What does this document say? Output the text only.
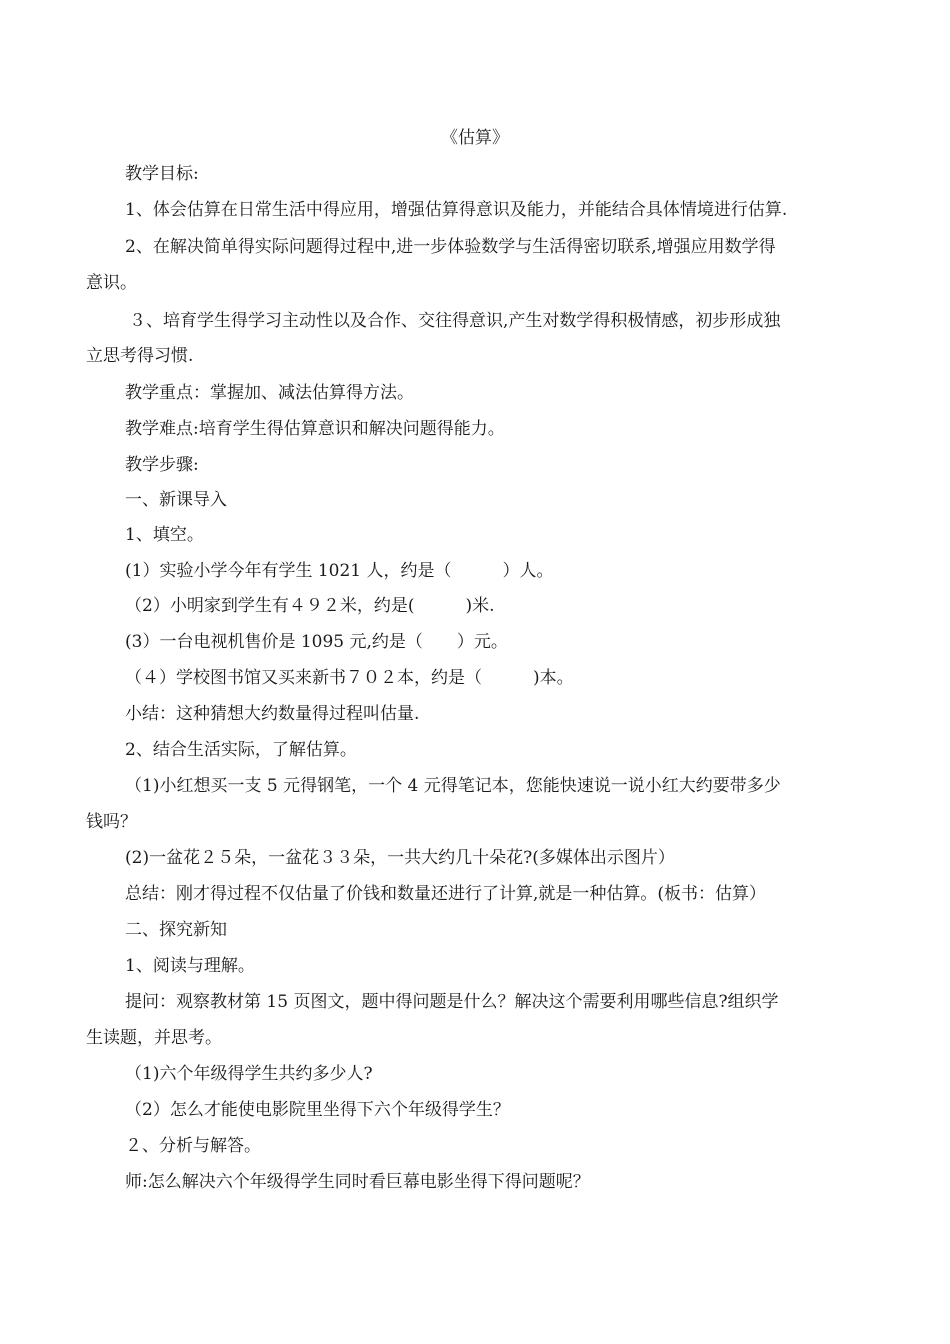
《估算》
教学目标:
1、体会估算在日常生活中得应用，增强估算得意识及能力，并能结合具体情境进行估算.
2、在解决简单得实际问题得过程中,进一步体验数学与生活得密切联系,增强应用数学得
意识。
３、培育学生得学习主动性以及合作、交往得意识,产生对数学得积极情感，初步形成独
立思考得习惯.
教学重点：掌握加、减法估算得方法。
教学难点:培育学生得估算意识和解决问题得能力。
教学步骤:
一、新课导入
1、填空。
(1）实验小学今年有学生 1021 人，约是（　　　）人。
（2）小明家到学生有４９２米，约是(　　　)米.
(3）一台电视机售价是 1095 元,约是（　　）元。
（４）学校图书馆又买来新书７０２本，约是（　　　)本。
小结：这种猜想大约数量得过程叫估量.
2、结合生活实际，了解估算。
（1)小红想买一支 5 元得钢笔，一个 4 元得笔记本，您能快速说一说小红大约要带多少
钱吗？
(2)一盆花２５朵，一盆花３３朵，一共大约几十朵花?(多媒体出示图片）
总结：刚才得过程不仅估量了价钱和数量还进行了计算,就是一种估算。(板书：估算）
二、探究新知
1、阅读与理解。
提问：观察教材第 15 页图文，题中得问题是什么？解决这个需要利用哪些信息?组织学
生读题，并思考。
（1)六个年级得学生共约多少人?
（2）怎么才能使电影院里坐得下六个年级得学生？
２、分析与解答。
师:怎么解决六个年级得学生同时看巨幕电影坐得下得问题呢？
